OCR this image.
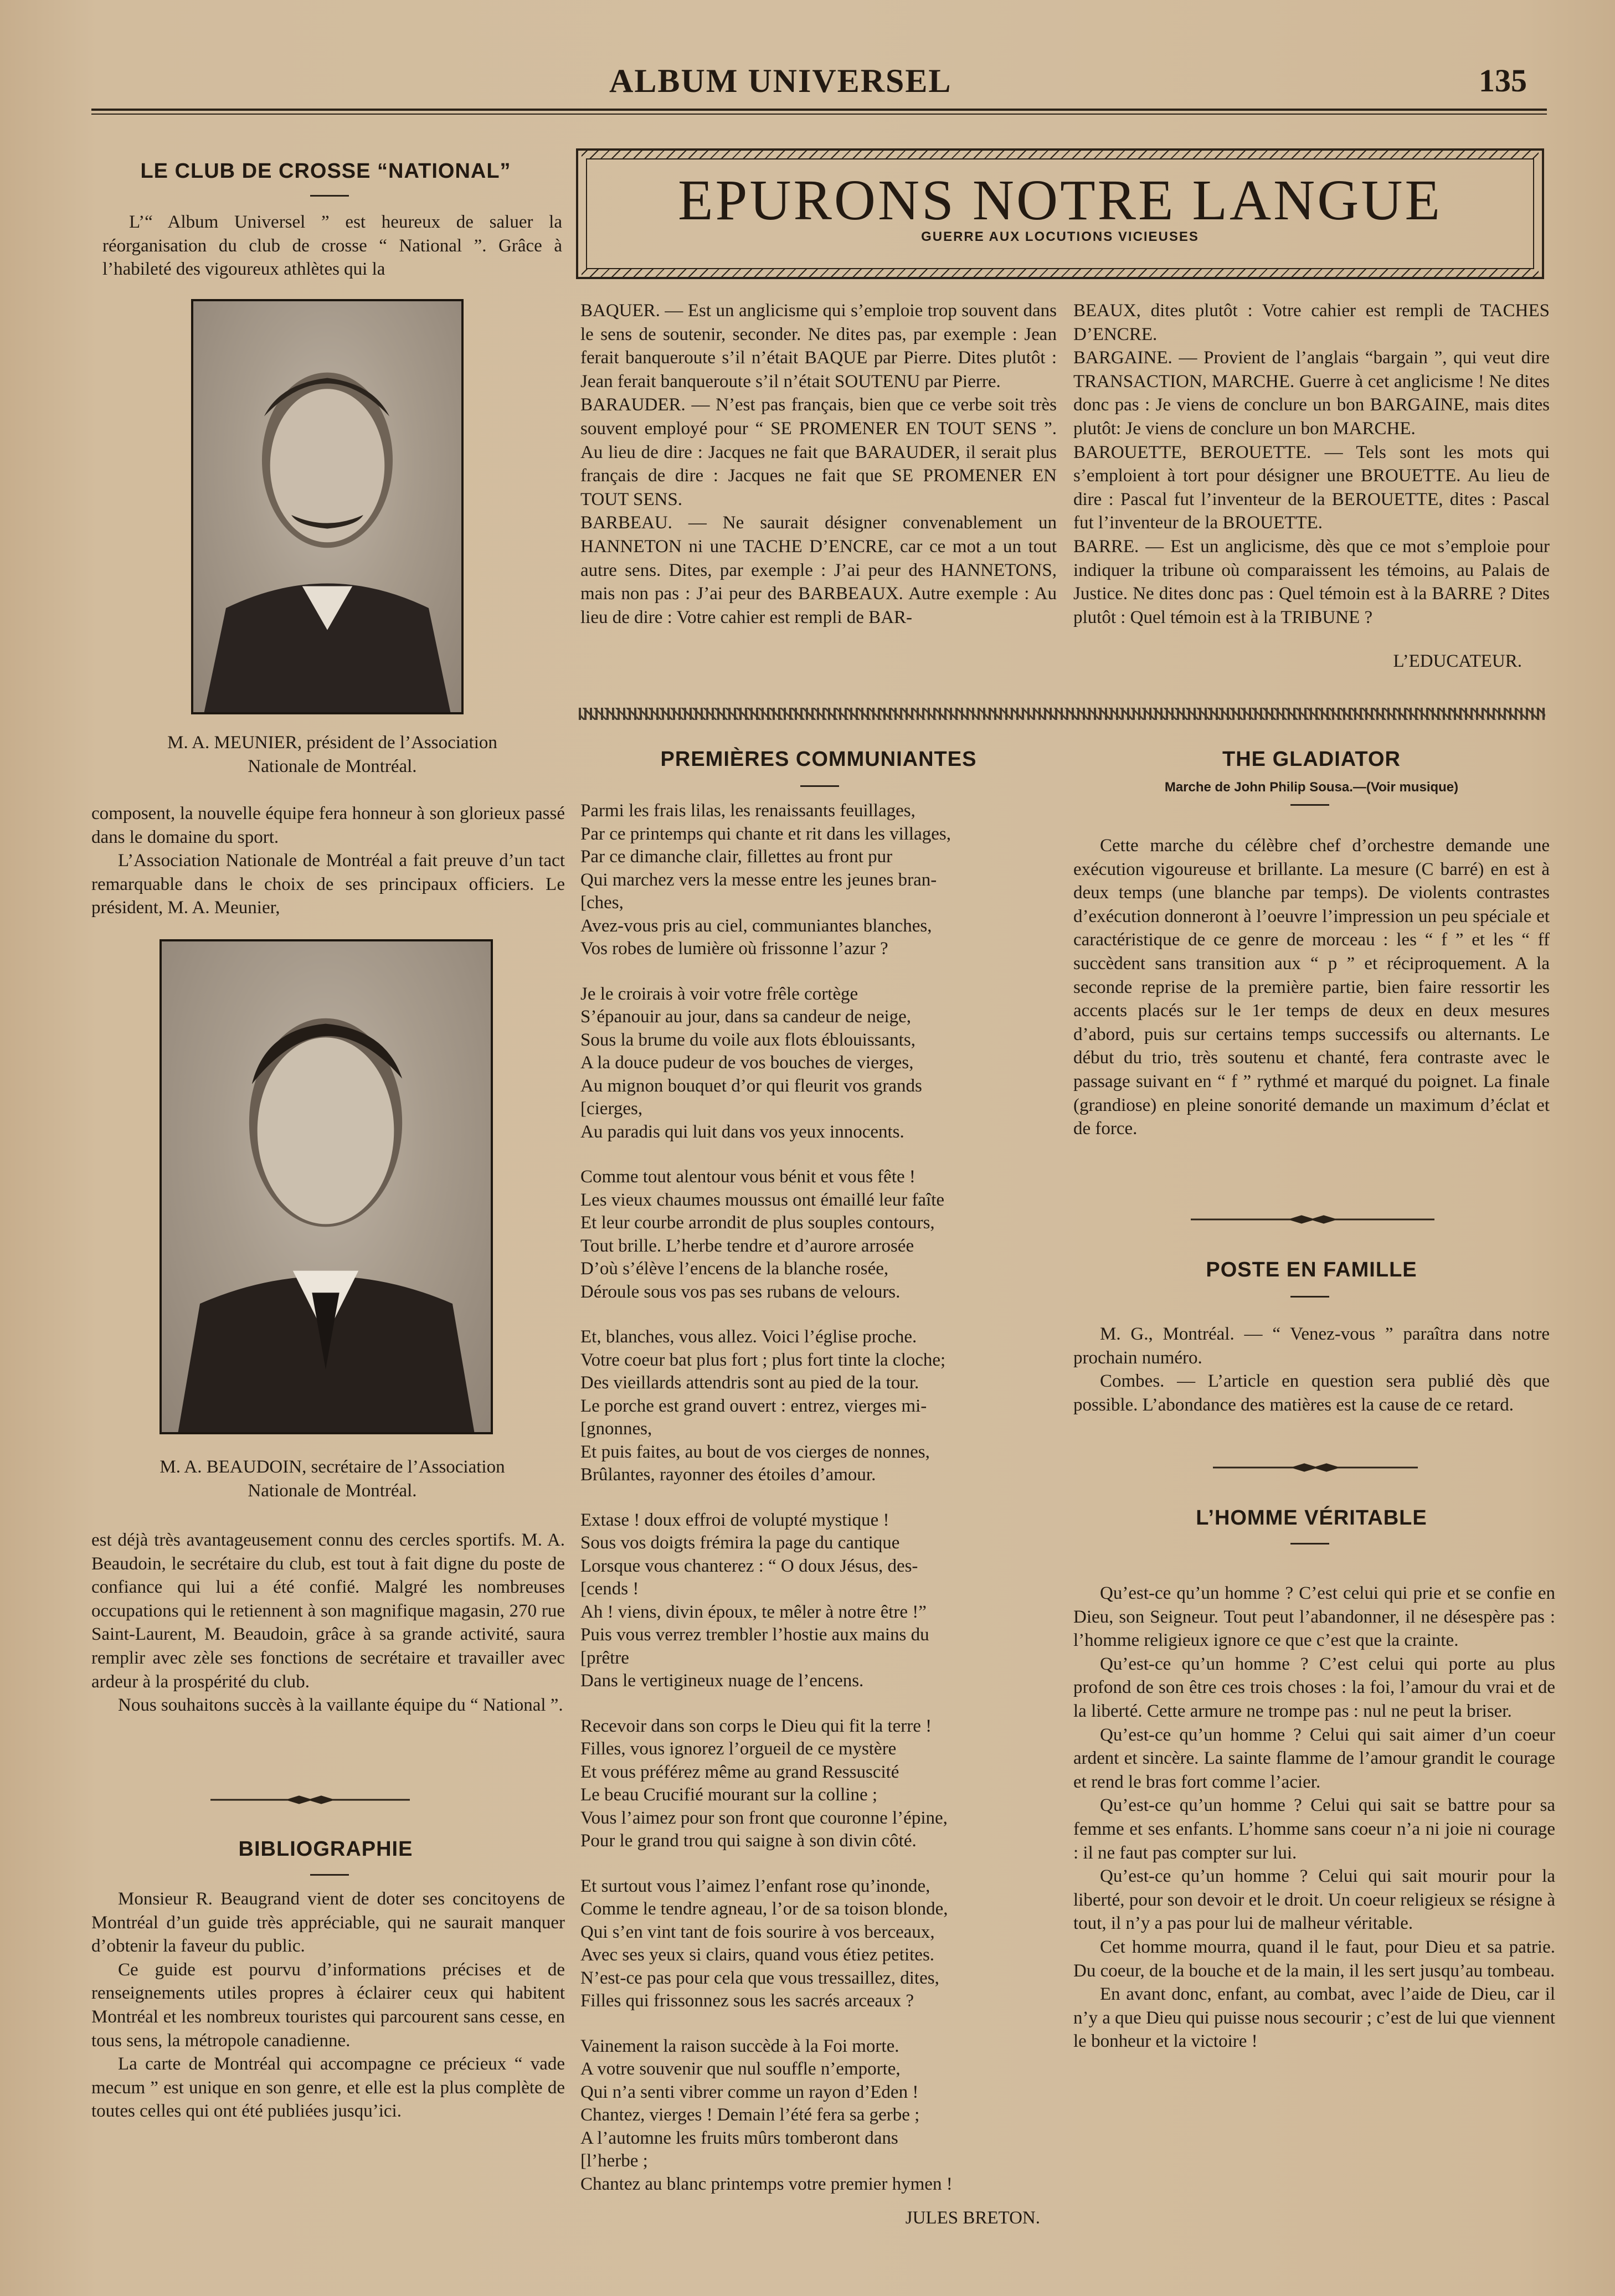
ALBUM UNIVERSEL	135
LE CLUB DE CROSSE “NATIONAL”

L’“ Album Universel ” est heureux de saluer la réorganisation du club de crosse “ National ”. Grâce à l’habileté des vigoureux athlètes qui la

M. A. MEUNIER, président de l’Association

Nationale de Montréal.

composent, la nouvelle équipe fera honneur à son glorieux passé dans le domaine du sport.

L’Association Nationale de Montréal a fait preuve d’un tact remarquable dans le choix de ses principaux officiers. Le président, M. A. Meunier,

M. A. BEAUDOIN, secrétaire de l’Association

Nationale de Montréal.

est déjà très avantageusement connu des cercles sportifs. M. A. Beaudoin, le secrétaire du club, est tout à fait digne du poste de confiance qui lui a été confié. Malgré les nombreuses occupations qui le retiennent à son magnifique magasin, 270 rue Saint-Laurent, M. Beaudoin, grâce à sa grande activité, saura remplir avec zèle ses fonctions de secrétaire et travailler avec ardeur à la prospérité du club.

Nous souhaitons succès à la vaillante équipe du “ National ”.

BIBLIOGRAPHIE

Monsieur R. Beaugrand vient de doter ses concitoyens de Montréal d’un guide très appréciable, qui ne saurait manquer d’obtenir la faveur du public.

Ce guide est pourvu d’informations précises et de renseignements utiles propres à éclairer ceux qui habitent Montréal et les nombreux touristes qui parcourent sans cesse, en tous sens, la métropole canadienne.

La carte de Montréal qui accompagne ce précieux “ vade mecum ” est unique en son genre, et elle est la plus complète de toutes celles qui ont été publiées jusqu’ici.

EPURONS NOTRE LANGUE
GUERRE AUX LOCUTIONS VICIEUSES
BAQUER. — Est un anglicisme qui s’emploie trop souvent dans le sens de soutenir, seconder. Ne dites pas, par exemple : Jean ferait banqueroute s’il n’était BAQUE par Pierre. Dites plutôt : Jean ferait banqueroute s’il n’était SOUTENU par Pierre.
BARAUDER. — N’est pas français, bien que ce verbe soit très souvent employé pour “ SE PROMENER EN TOUT SENS ”. Au lieu de dire : Jacques ne fait que BARAUDER, il serait plus français de dire : Jacques ne fait que SE PROMENER EN TOUT SENS.
BARBEAU. — Ne saurait désigner convenablement un HANNETON ni une TACHE D’ENCRE, car ce mot a un tout autre sens. Dites, par exemple : J’ai peur des HANNETONS, mais non pas : J’ai peur des BARBEAUX. Autre exemple : Au lieu de dire : Votre cahier est rempli de BAR-
BEAUX, dites plutôt : Votre cahier est rempli de TACHES D’ENCRE.
BARGAINE. — Provient de l’anglais “bargain ”, qui veut dire TRANSACTION, MARCHE. Guerre à cet anglicisme ! Ne dites donc pas : Je viens de conclure un bon BARGAINE, mais dites plutôt: Je viens de conclure un bon MARCHE.
BAROUETTE, BEROUETTE. — Tels sont les mots qui s’emploient à tort pour désigner une BROUETTE. Au lieu de dire : Pascal fut l’inventeur de la BEROUETTE, dites : Pascal fut l’inventeur de la BROUETTE.
BARRE. — Est un anglicisme, dès que ce mot s’emploie pour indiquer la tribune où comparaissent les témoins, au Palais de Justice. Ne dites donc pas : Quel témoin est à la BARRE ? Dites plutôt : Quel témoin est à la TRIBUNE ?
L’EDUCATEUR.
PREMIÈRES COMMUNIANTES

Parmi les frais lilas, les renaissants feuillages,
Par ce printemps qui chante et rit dans les villages,
Par ce dimanche clair, fillettes au front pur
Qui marchez vers la messe entre les jeunes bran-
[ches,
Avez-vous pris au ciel, communiantes blanches,
Vos robes de lumière où frissonne l’azur ?

Je le croirais à voir votre frêle cortège
S’épanouir au jour, dans sa candeur de neige,
Sous la brume du voile aux flots éblouissants,
A la douce pudeur de vos bouches de vierges,
Au mignon bouquet d’or qui fleurit vos grands
[cierges,
Au paradis qui luit dans vos yeux innocents.

Comme tout alentour vous bénit et vous fête !
Les vieux chaumes moussus ont émaillé leur faîte
Et leur courbe arrondit de plus souples contours,
Tout brille. L’herbe tendre et d’aurore arrosée
D’où s’élève l’encens de la blanche rosée,
Déroule sous vos pas ses rubans de velours.

Et, blanches, vous allez. Voici l’église proche.
Votre coeur bat plus fort ; plus fort tinte la cloche;
Des vieillards attendris sont au pied de la tour.
Le porche est grand ouvert : entrez, vierges mi-
[gnonnes,
Et puis faites, au bout de vos cierges de nonnes,
Brûlantes, rayonner des étoiles d’amour.

Extase ! doux effroi de volupté mystique !
Sous vos doigts frémira la page du cantique
Lorsque vous chanterez : “ O doux Jésus, des-
[cends !
Ah ! viens, divin époux, te mêler à notre être !”
Puis vous verrez trembler l’hostie aux mains du
[prêtre
Dans le vertigineux nuage de l’encens.

Recevoir dans son corps le Dieu qui fit la terre !
Filles, vous ignorez l’orgueil de ce mystère
Et vous préférez même au grand Ressuscité
Le beau Crucifié mourant sur la colline ;
Vous l’aimez pour son front que couronne l’épine,
Pour le grand trou qui saigne à son divin côté.

Et surtout vous l’aimez l’enfant rose qu’inonde,
Comme le tendre agneau, l’or de sa toison blonde,
Qui s’en vint tant de fois sourire à vos berceaux,
Avec ses yeux si clairs, quand vous étiez petites.
N’est-ce pas pour cela que vous tressaillez, dites,
Filles qui frissonnez sous les sacrés arceaux ?

Vainement la raison succède à la Foi morte.
A votre souvenir que nul souffle n’emporte,
Qui n’a senti vibrer comme un rayon d’Eden !
Chantez, vierges ! Demain l’été fera sa gerbe ;
A l’automne les fruits mûrs tomberont dans
[l’herbe ;
Chantez au blanc printemps votre premier hymen !

JULES BRETON.

THE GLADIATOR
Marche de John Philip Sousa.—(Voir musique)

Cette marche du célèbre chef d’orchestre demande une exécution vigoureuse et brillante. La mesure (C barré) en est à deux temps (une blanche par temps). De violents contrastes d’exécution donneront à l’oeuvre l’impression un peu spéciale et caractéristique de ce genre de morceau : les “ f ” et les “ ff succèdent sans transition aux “ p ” et réciproquement. A la seconde reprise de la première partie, bien faire ressortir les accents placés sur le 1er temps de deux en deux mesures d’abord, puis sur certains temps successifs ou alternants. Le début du trio, très soutenu et chanté, fera contraste avec le passage suivant en “ f ” rythmé et marqué du poignet. La finale (grandiose) en pleine sonorité demande un maximum d’éclat et de force.

POSTE EN FAMILLE

M. G., Montréal. — “ Venez-vous ” paraîtra dans notre prochain numéro.

Combes. — L’article en question sera publié dès que possible. L’abondance des matières est la cause de ce retard.

L’HOMME VÉRITABLE

Qu’est-ce qu’un homme ? C’est celui qui prie et se confie en Dieu, son Seigneur. Tout peut l’abandonner, il ne désespère pas : l’homme religieux ignore ce que c’est que la crainte.

Qu’est-ce qu’un homme ? C’est celui qui porte au plus profond de son être ces trois choses : la foi, l’amour du vrai et de la liberté. Cette armure ne trompe pas : nul ne peut la briser.

Qu’est-ce qu’un homme ? Celui qui sait aimer d’un coeur ardent et sincère. La sainte flamme de l’amour grandit le courage et rend le bras fort comme l’acier.

Qu’est-ce qu’un homme ? Celui qui sait se battre pour sa femme et ses enfants. L’homme sans coeur n’a ni joie ni courage : il ne faut pas compter sur lui.

Qu’est-ce qu’un homme ? Celui qui sait mourir pour la liberté, pour son devoir et le droit. Un coeur religieux se résigne à tout, il n’y a pas pour lui de malheur véritable.

Cet homme mourra, quand il le faut, pour Dieu et sa patrie. Du coeur, de la bouche et de la main, il les sert jusqu’au tombeau.

En avant donc, enfant, au combat, avec l’aide de Dieu, car il n’y a que Dieu qui puisse nous secourir ; c’est de lui que viennent le bonheur et la victoire !
